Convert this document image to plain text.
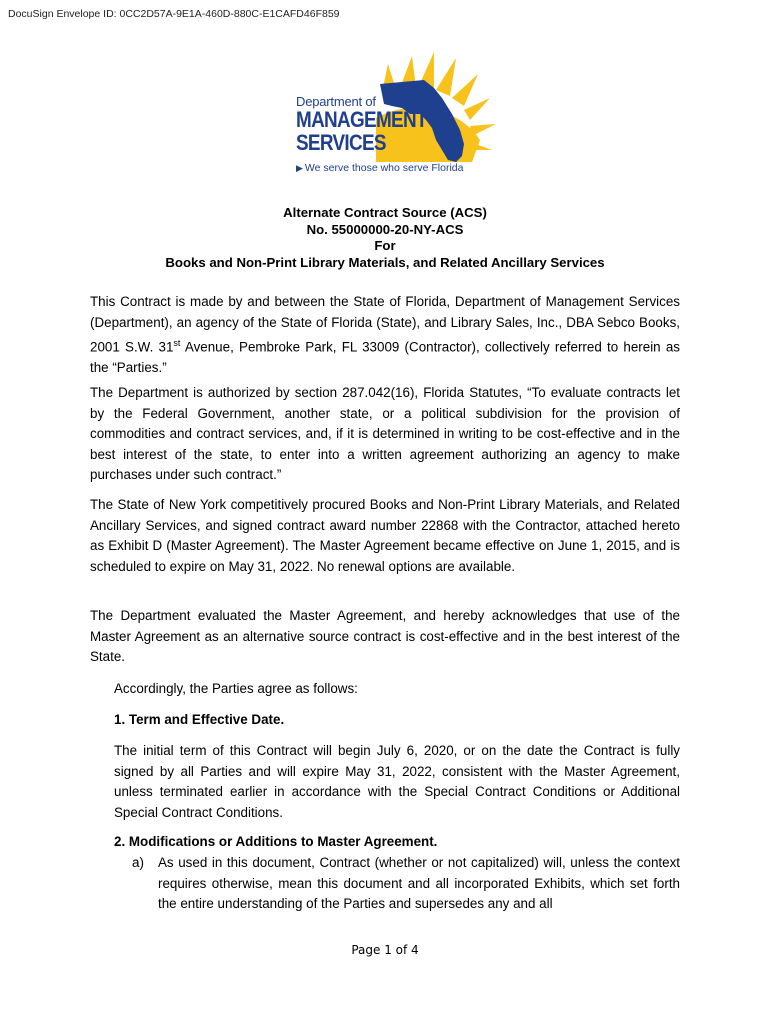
DocuSign Envelope ID: 0CC2D57A-9E1A-460D-880C-E1CAFD46F859
Department of
MANAGEMENT
SERVICES
▶ We serve those who serve Florida
Alternate Contract Source (ACS)
No. 55000000-20-NY-ACS
For
Books and Non-Print Library Materials, and Related Ancillary Services
This Contract is made by and between the State of Florida, Department of Management Services (Department), an agency of the State of Florida (State), and Library Sales, Inc., DBA Sebco Books, 2001 S.W. 31st Avenue, Pembroke Park, FL 33009 (Contractor), collectively referred to herein as the “Parties.”
The Department is authorized by section 287.042(16), Florida Statutes, “To evaluate contracts let by the Federal Government, another state, or a political subdivision for the provision of commodities and contract services, and, if it is determined in writing to be cost-effective and in the best interest of the state, to enter into a written agreement authorizing an agency to make purchases under such contract.”
The State of New York competitively procured Books and Non-Print Library Materials, and Related Ancillary Services, and signed contract award number 22868 with the Contractor, attached hereto as Exhibit D (Master Agreement). The Master Agreement became effective on June 1, 2015, and is scheduled to expire on May 31, 2022. No renewal options are available.
The Department evaluated the Master Agreement, and hereby acknowledges that use of the Master Agreement as an alternative source contract is cost-effective and in the best interest of the State.
Accordingly, the Parties agree as follows:
1. Term and Effective Date.
The initial term of this Contract will begin July 6, 2020, or on the date the Contract is fully signed by all Parties and will expire May 31, 2022, consistent with the Master Agreement, unless terminated earlier in accordance with the Special Contract Conditions or Additional Special Contract Conditions.
2. Modifications or Additions to Master Agreement.
a) As used in this document, Contract (whether or not capitalized) will, unless the context requires otherwise, mean this document and all incorporated Exhibits, which set forth the entire understanding of the Parties and supersedes any and all
Page 1 of 4
